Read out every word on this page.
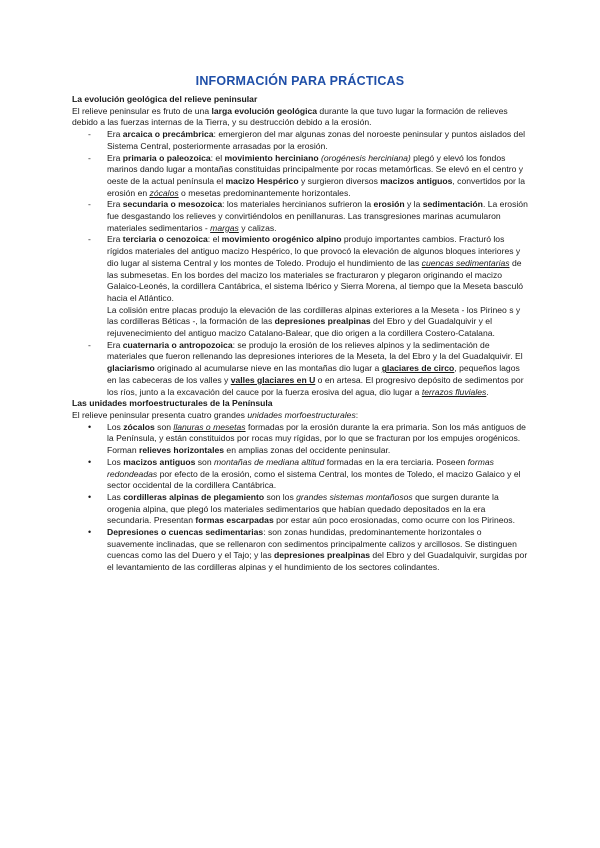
INFORMACIÓN PARA PRÁCTICAS
La evolución geológica del relieve peninsular

El relieve peninsular es fruto de una larga evolución geológica durante la que tuvo lugar la formación de relieves debido a las fuerzas internas de la Tierra, y su destrucción debido a la erosión.

- Era arcaica o precámbrica: emergieron del mar algunas zonas del noroeste peninsular y puntos aislados del Sistema Central, posteriormente arrasadas por la erosión.
- Era primaria o paleozoica: el movimiento herciniano (orogénesis herciniana) plegó y elevó los fondos marinos dando lugar a montañas constituidas principalmente por rocas metamórficas. Se elevó en el centro y oeste de la actual península el macizo Hespérico y surgieron diversos macizos antiguos, convertidos por la erosión en zócalos o mesetas predominantemente horizontales.
- Era secundaria o mesozoica: los materiales hercinianos sufrieron la erosión y la sedimentación. La erosión fue desgastando los relieves y convirtiéndolos en penillanuras. Las transgresiones marinas acumularon materiales sedimentarios - margas y calizas.
- Era terciaria o cenozoica: el movimiento orogénico alpino produjo importantes cambios. Fracturó los rígidos materiales del antiguo macizo Hespérico, lo que provocó la elevación de algunos bloques interiores y dio lugar al sistema Central y los montes de Toledo. Produjo el hundimiento de las cuencas sedimentarias de las submesetas. En los bordes del macizo los materiales se fracturaron y plegaron originando el macizo Galaico-Leonés, la cordillera Cantábrica, el sistema Ibérico y Sierra Morena, al tiempo que la Meseta basculó hacia el Atlántico.
La colisión entre placas produjo la elevación de las cordilleras alpinas exteriores a la Meseta - los Pirineo s y las cordilleras Béticas -, la formación de las depresiones prealpinas del Ebro y del Guadalquivir y el rejuvenecimiento del antiguo macizo Catalano-Balear, que dio origen a la cordillera Costero-Catalana.
- Era cuaternaria o antropozoica: se produjo la erosión de los relieves alpinos y la sedimentación de materiales que fueron rellenando las depresiones interiores de la Meseta, la del Ebro y la del Guadalquivir. El glaciarismo originado al acumularse nieve en las montañas dio lugar a glaciares de circo, pequeños lagos en las cabeceras de los valles y valles glaciares en U o en artesa. El progresivo depósito de sedimentos por los ríos, junto a la excavación del cauce por la fuerza erosiva del agua, dio lugar a terrazos fluviales.
Las unidades morfoestructurales de la Península

El relieve peninsular presenta cuatro grandes unidades morfoestructurales:

• Los zócalos son llanuras o mesetas formadas por la erosión durante la era primaria. Son los más antiguos de la Península, y están constituidos por rocas muy rígidas, por lo que se fracturan por los empujes orogénicos. Forman relieves horizontales en amplias zonas del occidente peninsular.
• Los macizos antiguos son montañas de mediana altitud formadas en la era terciaria. Poseen formas redondeadas por efecto de la erosión, como el sistema Central, los montes de Toledo, el macizo Galaico y el sector occidental de la cordillera Cantábrica.
• Las cordilleras alpinas de plegamiento son los grandes sistemas montañosos que surgen durante la orogenia alpina, que plegó los materiales sedimentarios que habían quedado depositados en la era secundaria. Presentan formas escarpadas por estar aún poco erosionadas, como ocurre con los Pirineos.
• Depresiones o cuencas sedimentarias: son zonas hundidas, predominantemente horizontales o suavemente inclinadas, que se rellenaron con sedimentos principalmente calizos y arcillosos. Se distinguen cuencas como las del Duero y el Tajo; y las depresiones prealpinas del Ebro y del Guadalquivir, surgidas por el levantamiento de las cordilleras alpinas y el hundimiento de los sectores colindantes.
